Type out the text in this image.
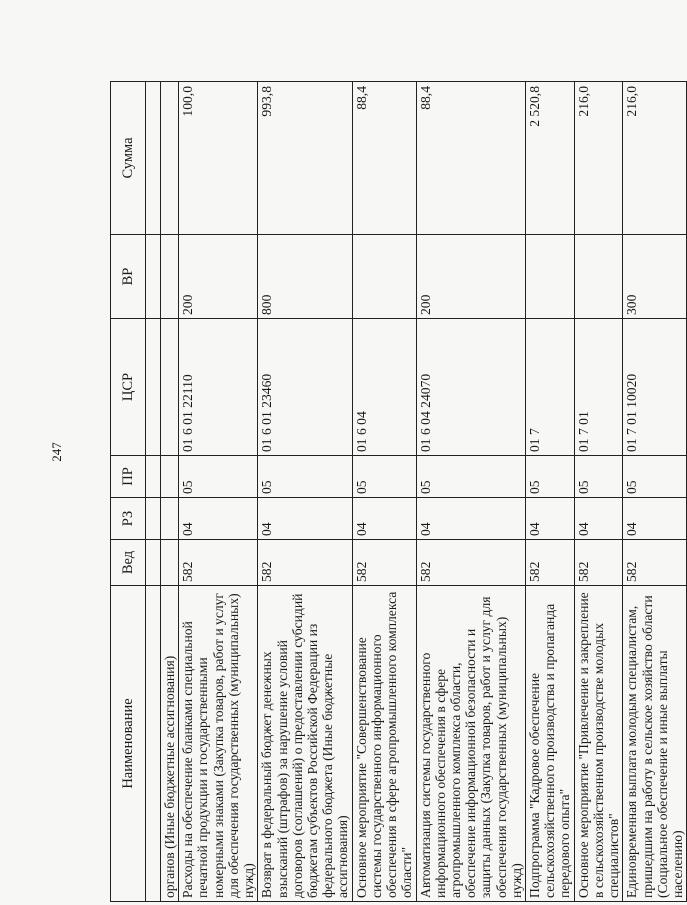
247
Наименование	Вед	РЗ	ПР	ЦСР	ВР	Сумма

органов (Иные бюджетные ассигнования)						
Расходы на обеспечение бланками специальной печатной продукции и государственными номерными знаками (Закупка товаров, работ и услуг для обеспечения государственных (муниципальных) нужд)	582	04	05	01 6 01 22110	200	100,0
Возврат в федеральный бюджет денежных взысканий (штрафов) за нарушение условий договоров (соглашений) о предоставлении субсидий бюджетам субъектов Российской Федерации из федерального бюджета (Иные бюджетные ассигнования)	582	04	05	01 6 01 23460	800	993,8
Основное мероприятие "Совершенствование системы государственного информационного обеспечения в сфере агропромышленного комплекса области"	582	04	05	01 6 04		88,4
Автоматизация системы государственного информационного обеспечения в сфере агропромышленного комплекса области, обеспечение информационной безопасности и защиты данных (Закупка товаров, работ и услуг для обеспечения государственных (муниципальных) нужд)	582	04	05	01 6 04 24070	200	88,4
Подпрограмма "Кадровое обеспечение сельскохозяйственного производства и пропаганда передового опыта"	582	04	05	01 7		2 520,8
Основное мероприятие "Привлечение и закрепление в сельскохозяйственном производстве молодых специалистов"	582	04	05	01 7 01		216,0
Единовременная выплата молодым специалистам, пришедшим на работу в сельское хозяйство области (Социальное обеспечение и иные выплаты населению)	582	04	05	01 7 01 10020	300	216,0
